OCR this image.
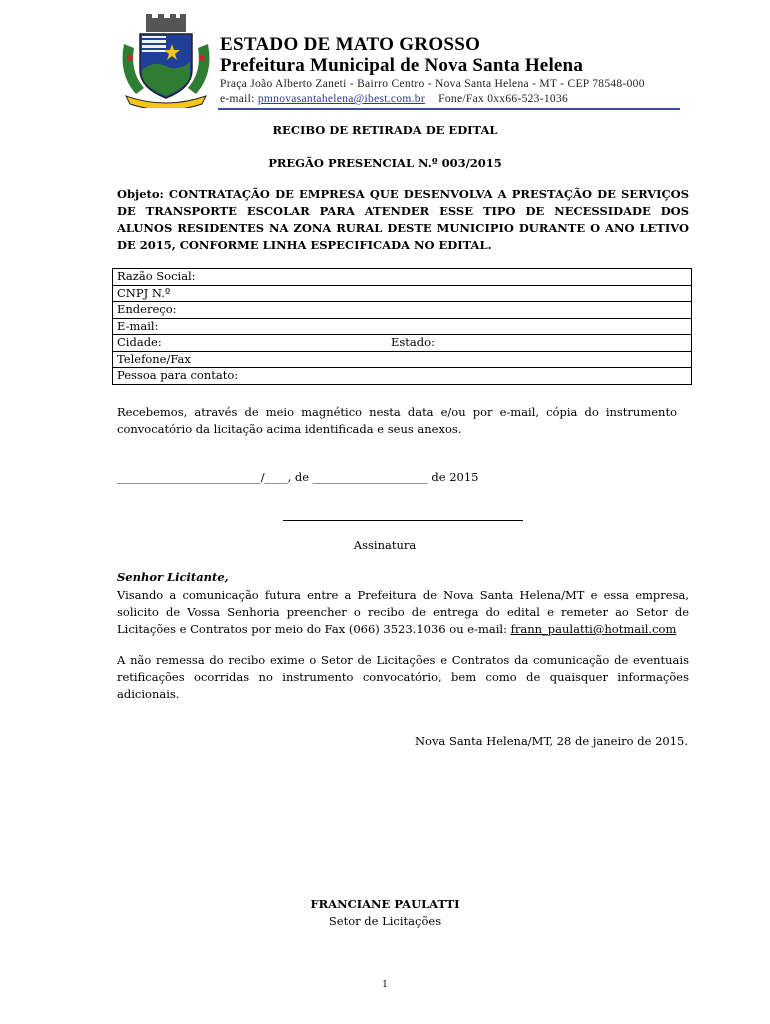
ESTADO DE MATO GROSSO
Prefeitura Municipal de Nova Santa Helena
Praça João Alberto Zaneti - Bairro Centro - Nova Santa Helena - MT - CEP 78548-000
e-mail: pmnovasantahelena@ibest.com.br Fone/Fax 0xx66-523-1036
RECIBO DE RETIRADA DE EDITAL
PREGÃO PRESENCIAL N.º 003/2015
Objeto: CONTRATAÇÃO DE EMPRESA QUE DESENVOLVA A PRESTAÇÃO DE SERVIÇOS DE TRANSPORTE ESCOLAR PARA ATENDER ESSE TIPO DE NECESSIDADE DOS ALUNOS RESIDENTES NA ZONA RURAL DESTE MUNICIPIO DURANTE O ANO LETIVO DE 2015, CONFORME LINHA ESPECIFICADA NO EDITAL.
Razão Social:
CNPJ N.º
Endereço:
E-mail:
Cidade:	Estado:

Telefone/Fax
Pessoa para contato:
Recebemos, através de meio magnético nesta data e/ou por e-mail, cópia do instrumento convocatório da licitação acima identificada e seus anexos.
_________________________/____, de ____________________ de 2015
Assinatura
Senhor Licitante,
Visando a comunicação futura entre a Prefeitura de Nova Santa Helena/MT e essa empresa, solicito de Vossa Senhoria preencher o recibo de entrega do edital e remeter ao Setor de Licitações e Contratos por meio do Fax (066) 3523.1036 ou e-mail: frann_paulatti@hotmail.com
A não remessa do recibo exime o Setor de Licitações e Contratos da comunicação de eventuais retificações ocorridas no instrumento convocatório, bem como de quaisquer informações adicionais.
Nova Santa Helena/MT, 28 de janeiro de 2015.
FRANCIANE PAULATTI
Setor de Licitações
1
